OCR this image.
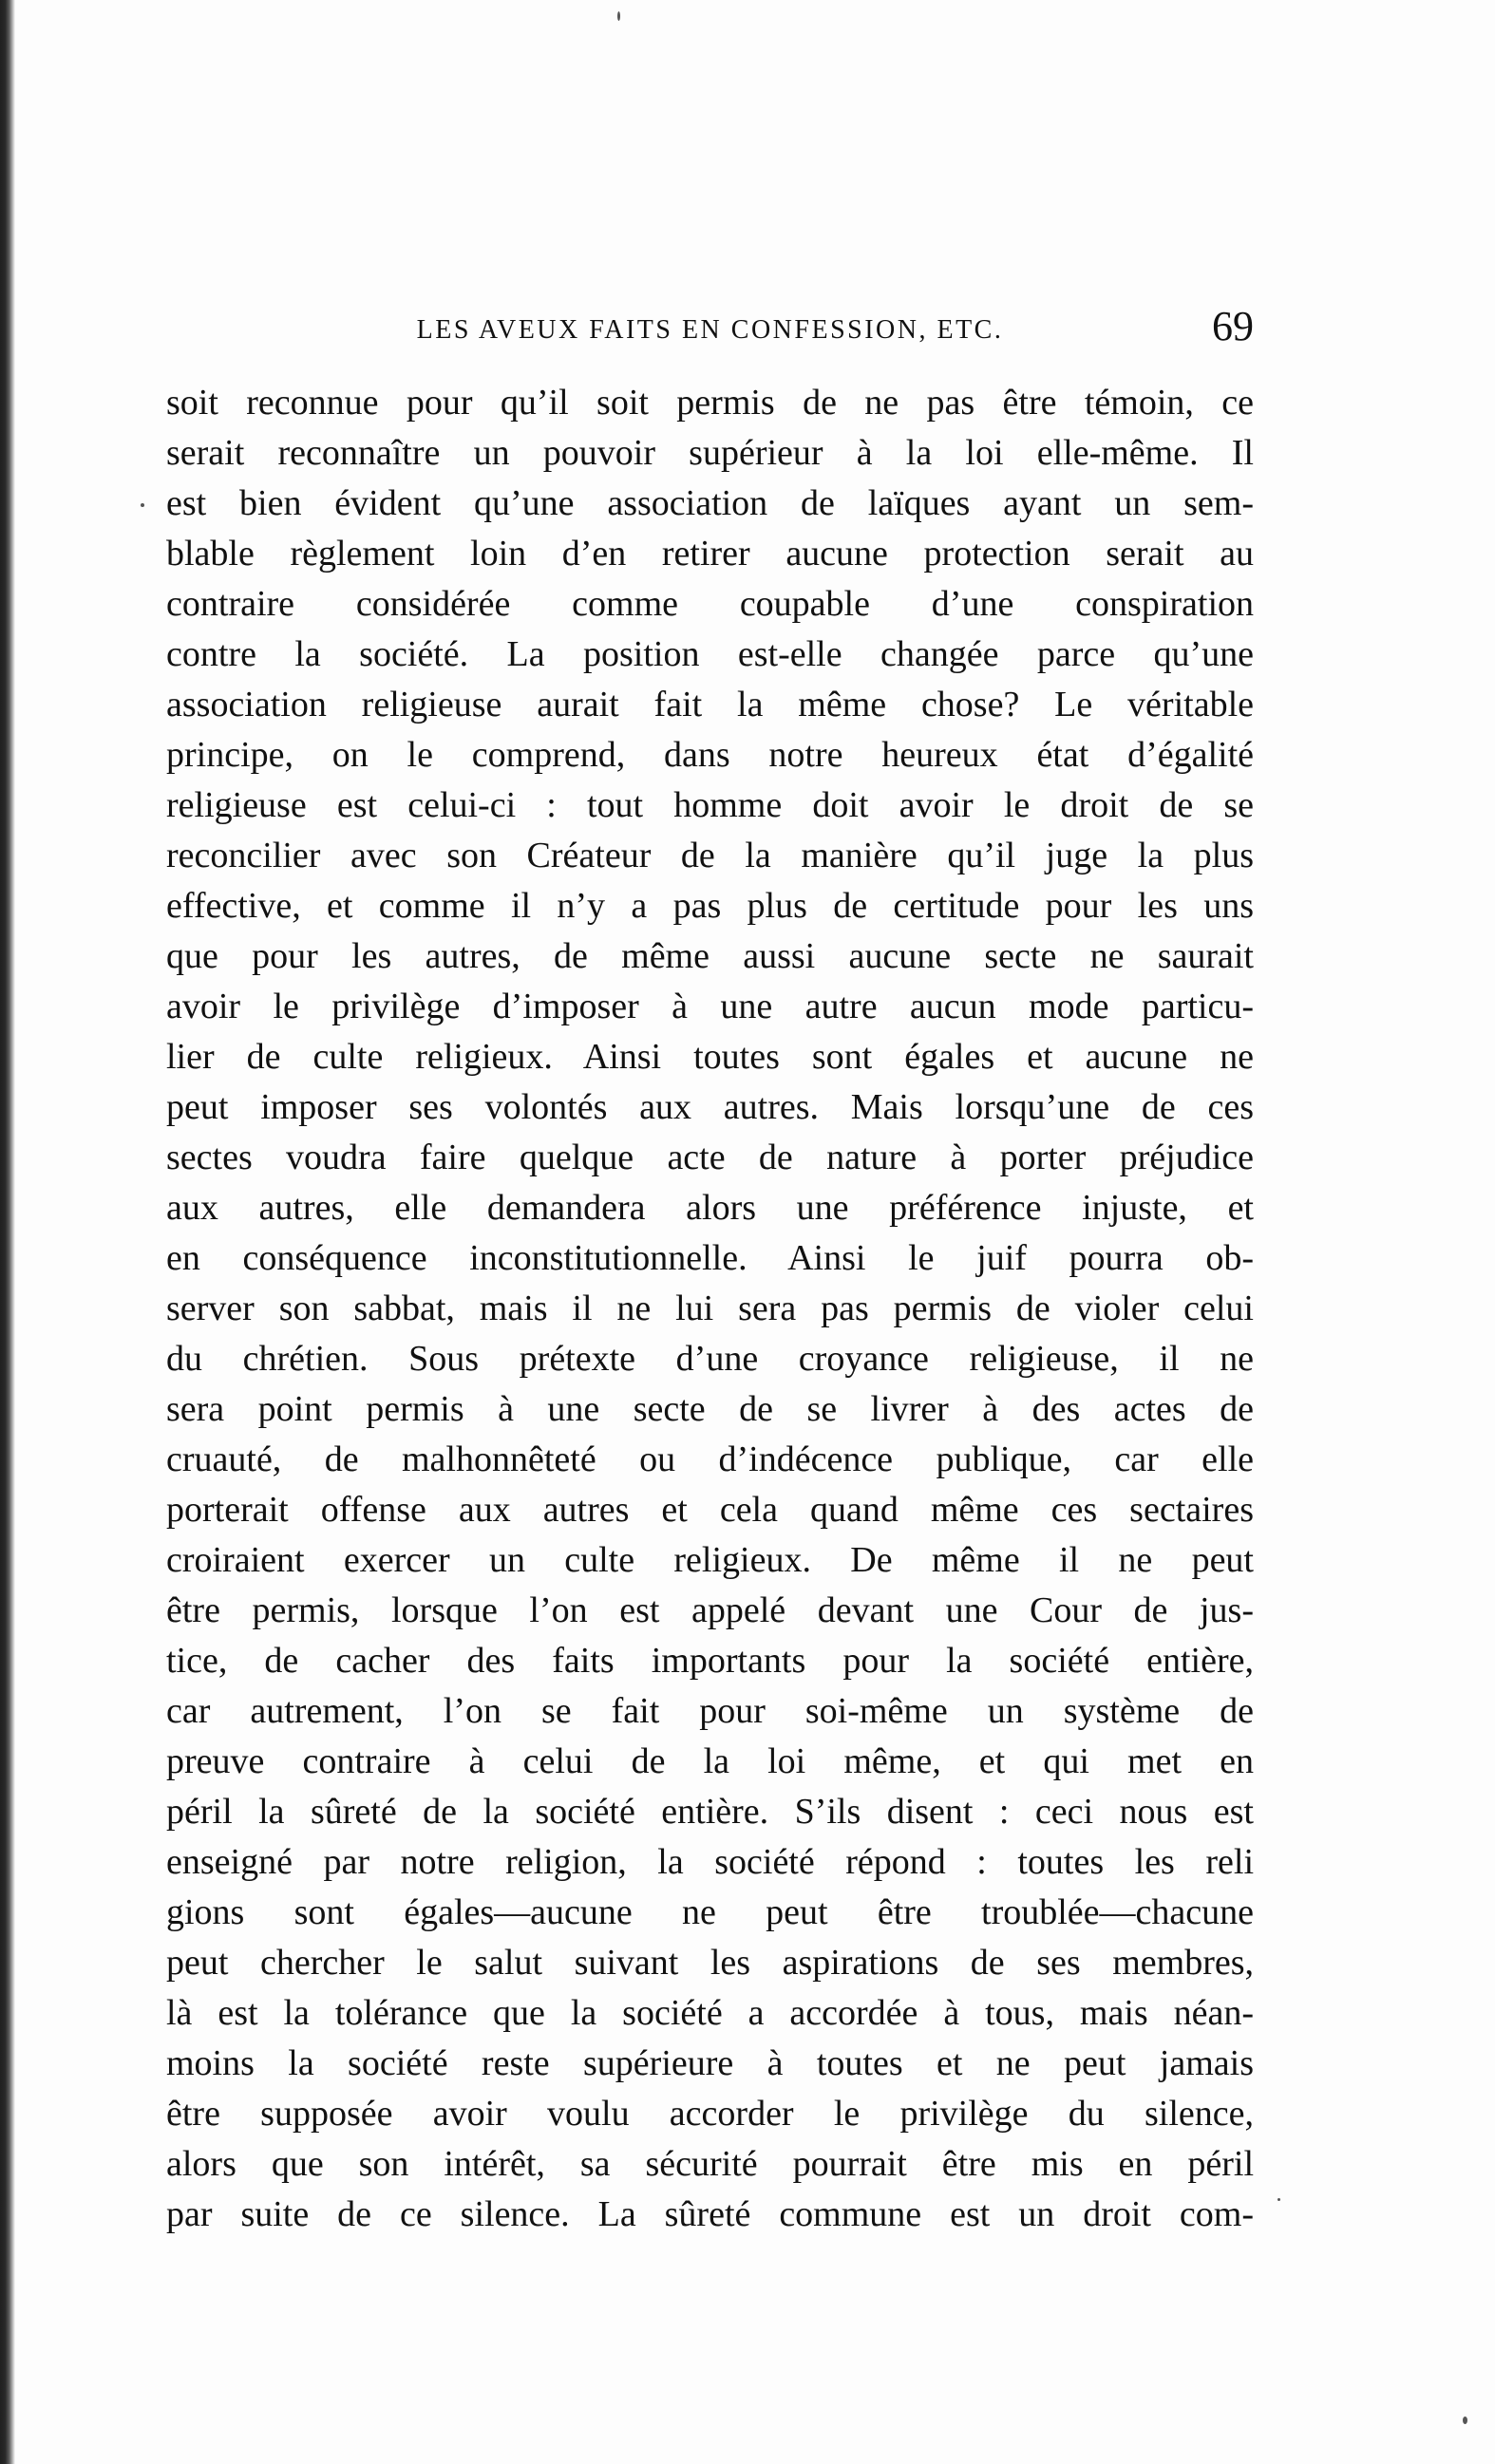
LES AVEUX FAITS EN CONFESSION, ETC.	69
soit reconnue pour qu’il soit permis de ne pas être témoin, ce
serait reconnaître un pouvoir supérieur à la loi elle-même. Il
est bien évident qu’une association de laïques ayant un sem-
blable règlement loin d’en retirer aucune protection serait au
contraire considérée comme coupable d’une conspiration
contre la société. La position est-elle changée parce qu’une
association religieuse aurait fait la même chose? Le véritable
principe, on le comprend, dans notre heureux état d’égalité
religieuse est celui-ci : tout homme doit avoir le droit de se
reconcilier avec son Créateur de la manière qu’il juge la plus
effective, et comme il n’y a pas plus de certitude pour les uns
que pour les autres, de même aussi aucune secte ne saurait
avoir le privilège d’imposer à une autre aucun mode particu-
lier de culte religieux. Ainsi toutes sont égales et aucune ne
peut imposer ses volontés aux autres. Mais lorsqu’une de ces
sectes voudra faire quelque acte de nature à porter préjudice
aux autres, elle demandera alors une préférence injuste, et
en conséquence inconstitutionnelle. Ainsi le juif pourra ob-
server son sabbat, mais il ne lui sera pas permis de violer celui
du chrétien. Sous prétexte d’une croyance religieuse, il ne
sera point permis à une secte de se livrer à des actes de
cruauté, de malhonnêteté ou d’indécence publique, car elle
porterait offense aux autres et cela quand même ces sectaires
croiraient exercer un culte religieux. De même il ne peut
être permis, lorsque l’on est appelé devant une Cour de jus-
tice, de cacher des faits importants pour la société entière,
car autrement, l’on se fait pour soi-même un système de
preuve contraire à celui de la loi même, et qui met en
péril la sûreté de la société entière. S’ils disent : ceci nous est
enseigné par notre religion, la société répond : toutes les reli
gions sont égales—aucune ne peut être troublée—chacune
peut chercher le salut suivant les aspirations de ses membres,
là est la tolérance que la société a accordée à tous, mais néan-
moins la société reste supérieure à toutes et ne peut jamais
être supposée avoir voulu accorder le privilège du silence,
alors que son intérêt, sa sécurité pourrait être mis en péril
par suite de ce silence. La sûreté commune est un droit com-
